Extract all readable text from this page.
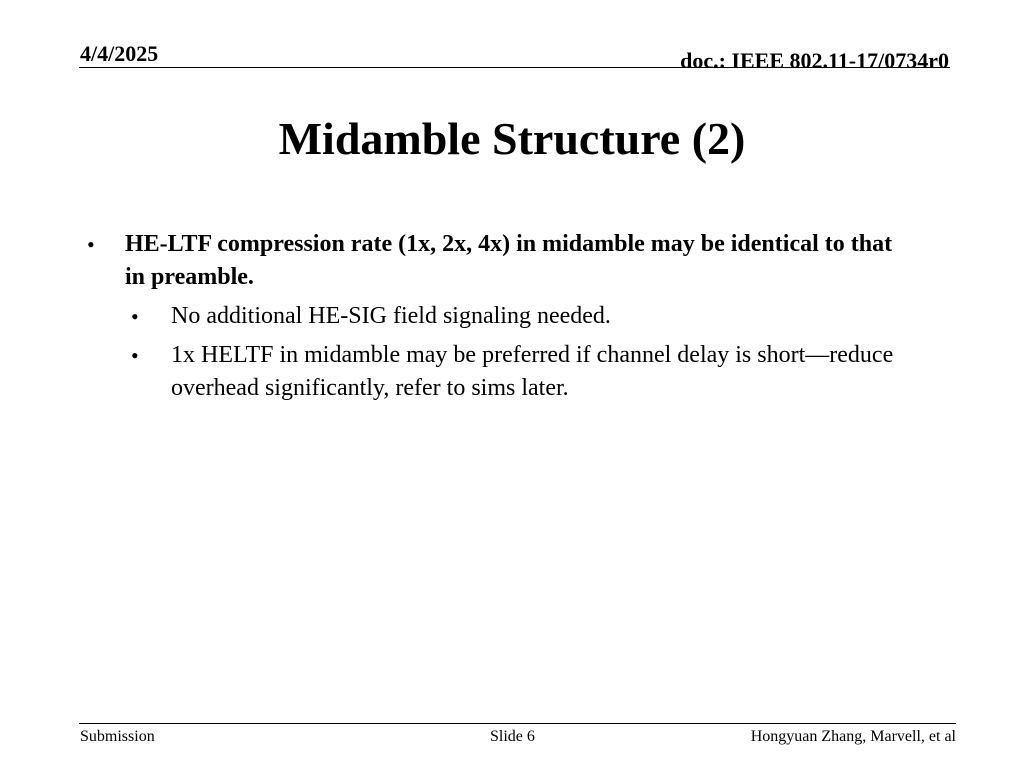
4/4/2025	doc.: IEEE 802.11-17/0734r0
Midamble Structure (2)
• HE-LTF compression rate (1x, 2x, 4x) in midamble may be identical to that in preamble.
• No additional HE-SIG field signaling needed.
• 1x HELTF in midamble may be preferred if channel delay is short—reduce overhead significantly, refer to sims later.
Submission	Slide 6	Hongyuan Zhang, Marvell, et al
